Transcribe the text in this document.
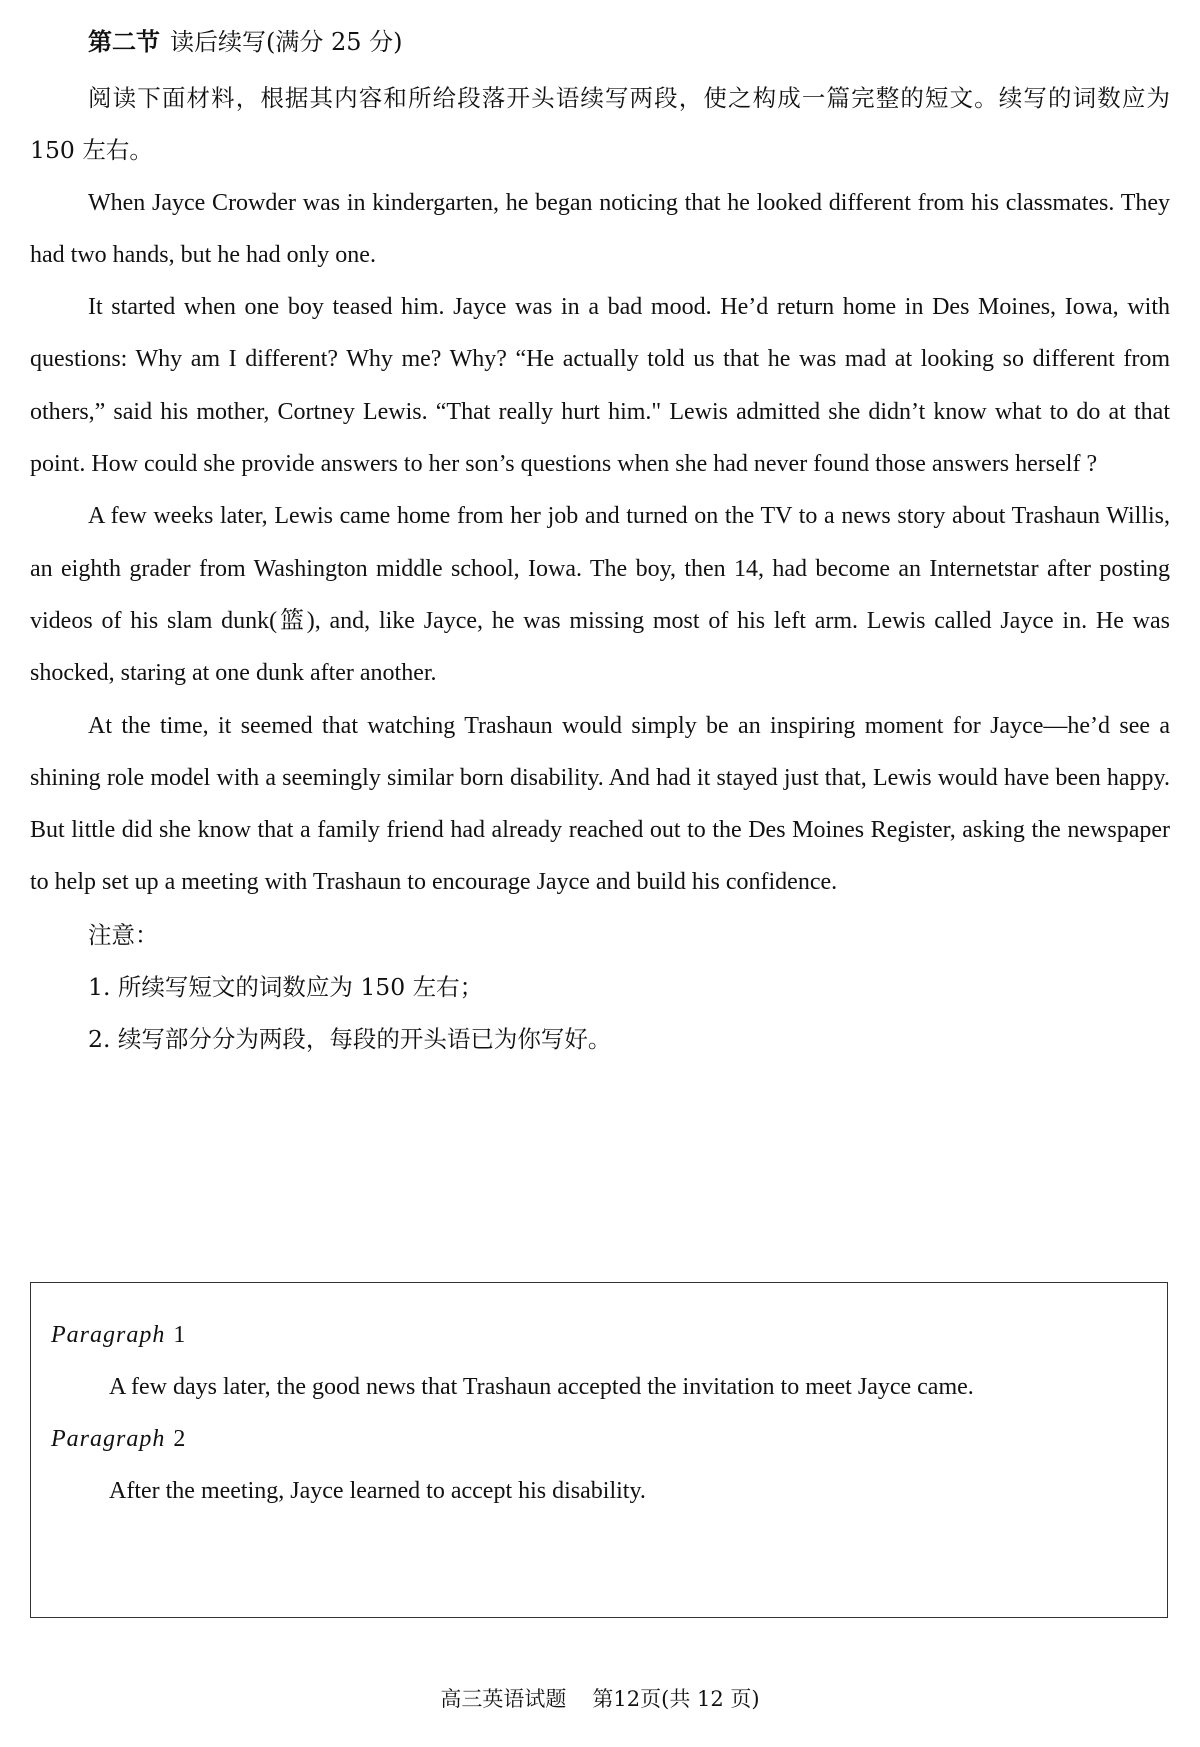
第二节 读后续写(满分 25 分)

阅读下面材料，根据其内容和所给段落开头语续写两段，使之构成一篇完整的短文。续写的词数应为 150 左右。

When Jayce Crowder was in kindergarten, he began noticing that he looked different from his classmates. They had two hands, but he had only one.

It started when one boy teased him. Jayce was in a bad mood. He’d return home in Des Moines, Iowa, with questions: Why am I different? Why me? Why? “He actually told us that he was mad at looking so different from others,” said his mother, Cortney Lewis. “That really hurt him." Lewis admitted she didn’t know what to do at that point. How could she provide answers to her son’s questions when she had never found those answers herself ?

A few weeks later, Lewis came home from her job and turned on the TV to a news story about Trashaun Willis, an eighth grader from Washington middle school, Iowa. The boy, then 14, had become an Internetstar after posting videos of his slam dunk(篮), and, like Jayce, he was missing most of his left arm. Lewis called Jayce in. He was shocked, staring at one dunk after another.

At the time, it seemed that watching Trashaun would simply be an inspiring moment for Jayce—he’d see a shining role model with a seemingly similar born disability. And had it stayed just that, Lewis would have been happy. But little did she know that a family friend had already reached out to the Des Moines Register, asking the newspaper to help set up a meeting with Trashaun to encourage Jayce and build his confidence.

注意：

1. 所续写短文的词数应为 150 左右；

2. 续写部分分为两段，每段的开头语已为你写好。

Paragraph 1

A few days later, the good news that Trashaun accepted the invitation to meet Jayce came.

Paragraph 2

After the meeting, Jayce learned to accept his disability.

高三英语试题 第12页(共 12 页)
